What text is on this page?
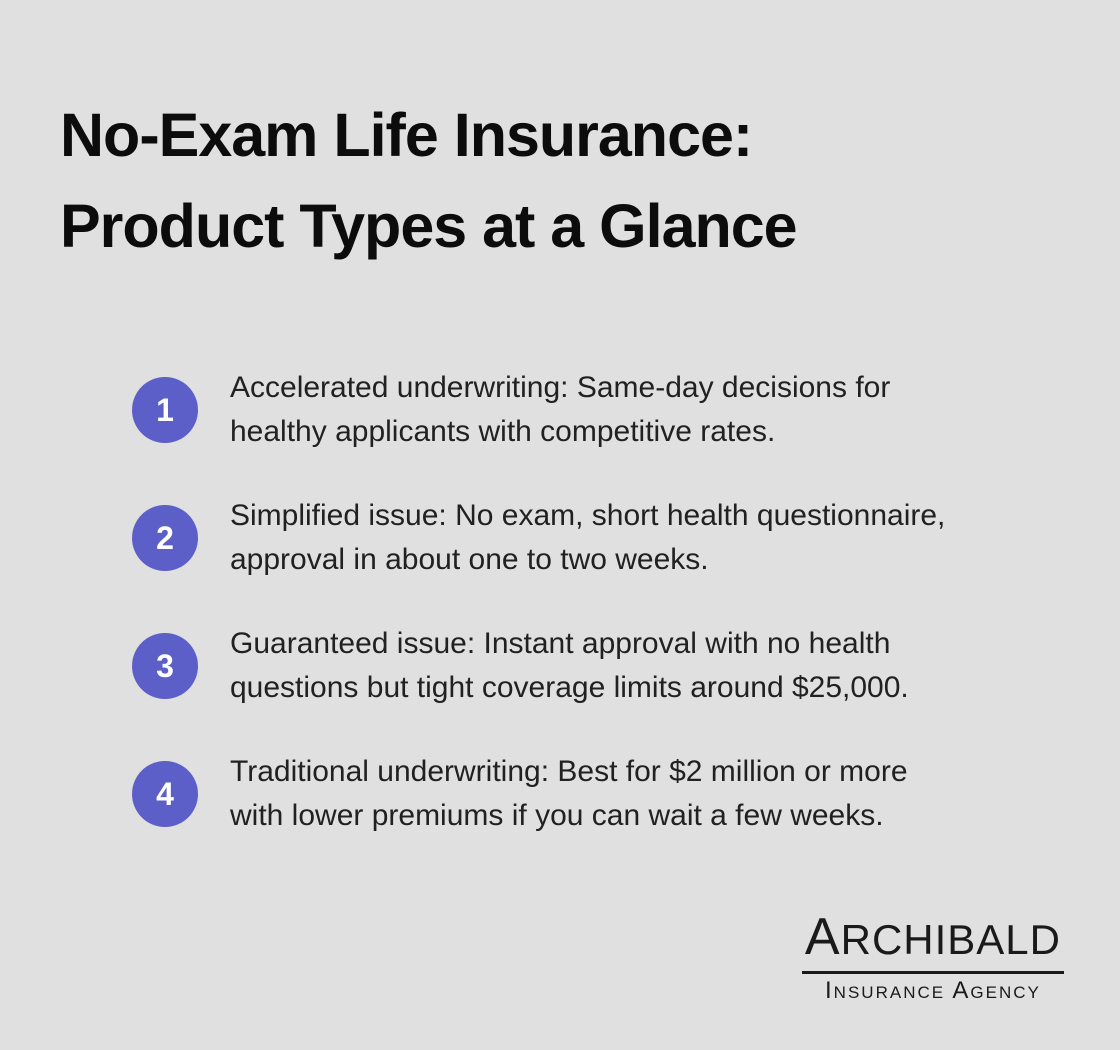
No-Exam Life Insurance:
Product Types at a Glance
1
Accelerated underwriting: Same-day decisions for
healthy applicants with competitive rates.
2
Simplified issue: No exam, short health questionnaire,
approval in about one to two weeks.
3
Guaranteed issue: Instant approval with no health
questions but tight coverage limits around $25,000.
4
Traditional underwriting: Best for $2 million or more
with lower premiums if you can wait a few weeks.
ARCHIBALD
Insurance Agency
